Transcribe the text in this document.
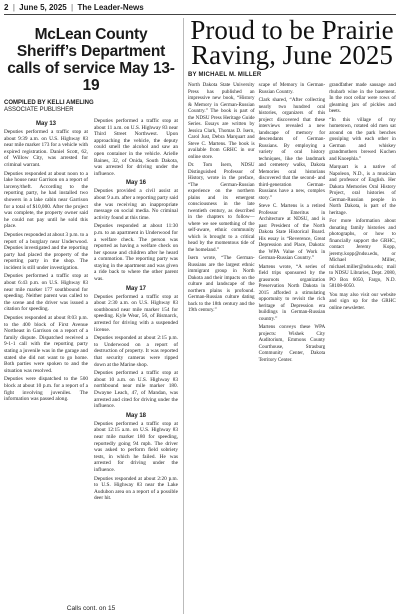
2 | June 5, 2025 | The Leader-News
McLean County Sheriff’s Department calls of service May 13-19
COMPILED BY KELLI AMELING
ASSOCIATE PUBLISHER
May 13

Deputies performed a traffic stop at about 9:39 a.m. on U.S. Highway 83 near mile marker 173 for a vehicle with expired registration. Daniel Scott, 62, of Willow City, was arrested for criminal warrant.

Deputies responded at about noon to a lake house near Garrison on a report of larceny/theft. According to the reporting party, he had installed two showers in a lake cabin near Garrison for a total of $10,000. After the project was complete, the property owner said he could not pay until he sold this place.

Deputies responded at about 3 p.m. to a report of a burglary near Underwood. Deputies investigated and the reporting party had placed the property of the reporting party in the shop. The incident is still under investigation.

Deputies performed a traffic stop at about 6:43 p.m. on U.S. Highway 83 near mile marker 177 southbound for speeding. Neither parent was called to the scene and the driver was issued a citation for speeding.

Deputies responded at about 8:03 p.m. to the 400 block of First Avenue Northeast in Garrison on a report of a family dispute. Dispatched received a 9-1-1 call with the reporting party stating a juvenile was in the garage and stated she did not want to go home. Both parties were spoken to and the situation was resolved.

Deputies were dispatched to the 500 block at about 10 p.m. for a report of a fight involving juveniles. The information was passed along.

Deputies performed a traffic stop at about 11 a.m. on U.S. Highway 83 near Third Street Northwest. Upon approaching the vehicle, the deputy could smell the alcohol and saw an open container in the vehicle. Arielle Baines, 32, of Onida, South Dakota, was arrested for driving under the influence.

May 16

Deputies provided a civil assist at about 9 a.m. after a reporting party said she was receiving an inappropriate message on social media. No criminal activity found at this time.

Deputies responded at about 11:30 p.m. to an apartment in Underwood for a welfare check. The person was reported as having a welfare check on her spouse and children after he heard a commotion. The reporting party was staying in the apartment and was given a ride back to where the other parent was.

May 17

Deputies performed a traffic stop at about 2:30 a.m. on U.S. Highway 83 southbound near mile marker 154 for speeding. Kyle Wear, 56, of Bismarck, arrested for driving with a suspended license.

Deputies responded at about 2:15 p.m. to Underwood on a report of destruction of property. It was reported that security cameras were ripped down at the Marine shop.

Deputies performed a traffic stop at about 10 a.m. on U.S. Highway 83 northbound near mile marker 180. Dwayne Leach, 47, of Mandan, was arrested and cited for driving under the influence.

May 18

Deputies performed a traffic stop at about 12:15 a.m. on U.S. Highway 83 near mile marker 180 for speeding, reportedly going 94 mph. The driver was asked to perform field sobriety tests, in which he failed. He was arrested for driving under the influence.

Deputies responded at about 2:20 p.m. to U.S. Highway 83 near the Lake Audubon area on a report of a possible deer hit.

Proud to be Prairie Raving, June 2025
BY MICHAEL M. MILLER

North Dakota State University Press has published an impressive new book, “History & Memory in German-Russian Country.” The book is part of the NDSU Press Heritage Guide Series. Essays are written by Jessica Clark, Thomas D. Isern, Carol Just, Debra Marquart and Steve C. Martens. The book is available from GRHC in our online store.

Dr. Tom Isern, NDSU Distinguished Professor of History, wrote in the preface, “The German-Russian experience on the northern plains and its emergent consciousness in the late twentieth century, as described in the chapters to follow—where we see something of the self-aware, ethnic community which is brought to a critical head by the momentous tide of the homeland.”

Isern wrote, “The German-Russians are the largest ethnic immigrant group in North Dakota and their impacts on the culture and landscape of the northern plains is profound. German-Russian culture dating back to the 18th century and the 19th century.”

scape of Memory in German-Russian Country.

Clark shared, “After collecting nearly two hundred oral histories, organizers of this project discovered that these interviews revealed a new landscape of memory for descendants of German-Russians. By employing a variety of oral history techniques, like the landmark and cemetery walks, Dakota Memories oral historians discovered that the second- and third-generation German-Russians have a new, complex story.”

Steve C. Martens is a retired Professor Emeritus in Architecture at NDSU, and is past President of the North Dakota State Historical Board. His essay is “Reverence, Great Depression and Place, Dakota: the WPA Value of Work in German-Russian Country.”

Martens wrote, “A series of field trips sponsored by the grassroots organization Preservation North Dakota in 2015 afforded a stimulating opportunity to revisit the rich heritage of Depression era buildings in German-Russian country.”

Martens conveys these WPA projects: Wishek City Auditorium, Emmons County Courthouse, Strasburg Community Center, Dakota Territory Center.

grandfather made sausage and rhubarb wine in the basement. In the root cellar were rows of gleaming jars of pickles and beets.

“In this village of my hometown, rotated old men sat around on the park benches gossiping with each other in German and whiskey grandmothers brewed Kuchen and Knoephla.”

Marquart is a native of Napoleon, N.D., is a musician and professor of English. Her Dakota Memories Oral History Project, oral histories of German-Russian people in North Dakota, is part of the heritage.

For more information about donating family histories and photographs, or how to financially support the GRHC, contact Jeremy Kopp, jeremy.kopp@ndsu.edu, or Michael Miller, michael.miller@ndsu.edu; mail to NDSU Libraries, Dept. 2080, PO Box 6050, Fargo, N.D. 58108-6050.

You may also visit our website and sign up for the GRHC online newsletter.

Calls cont. on 15
